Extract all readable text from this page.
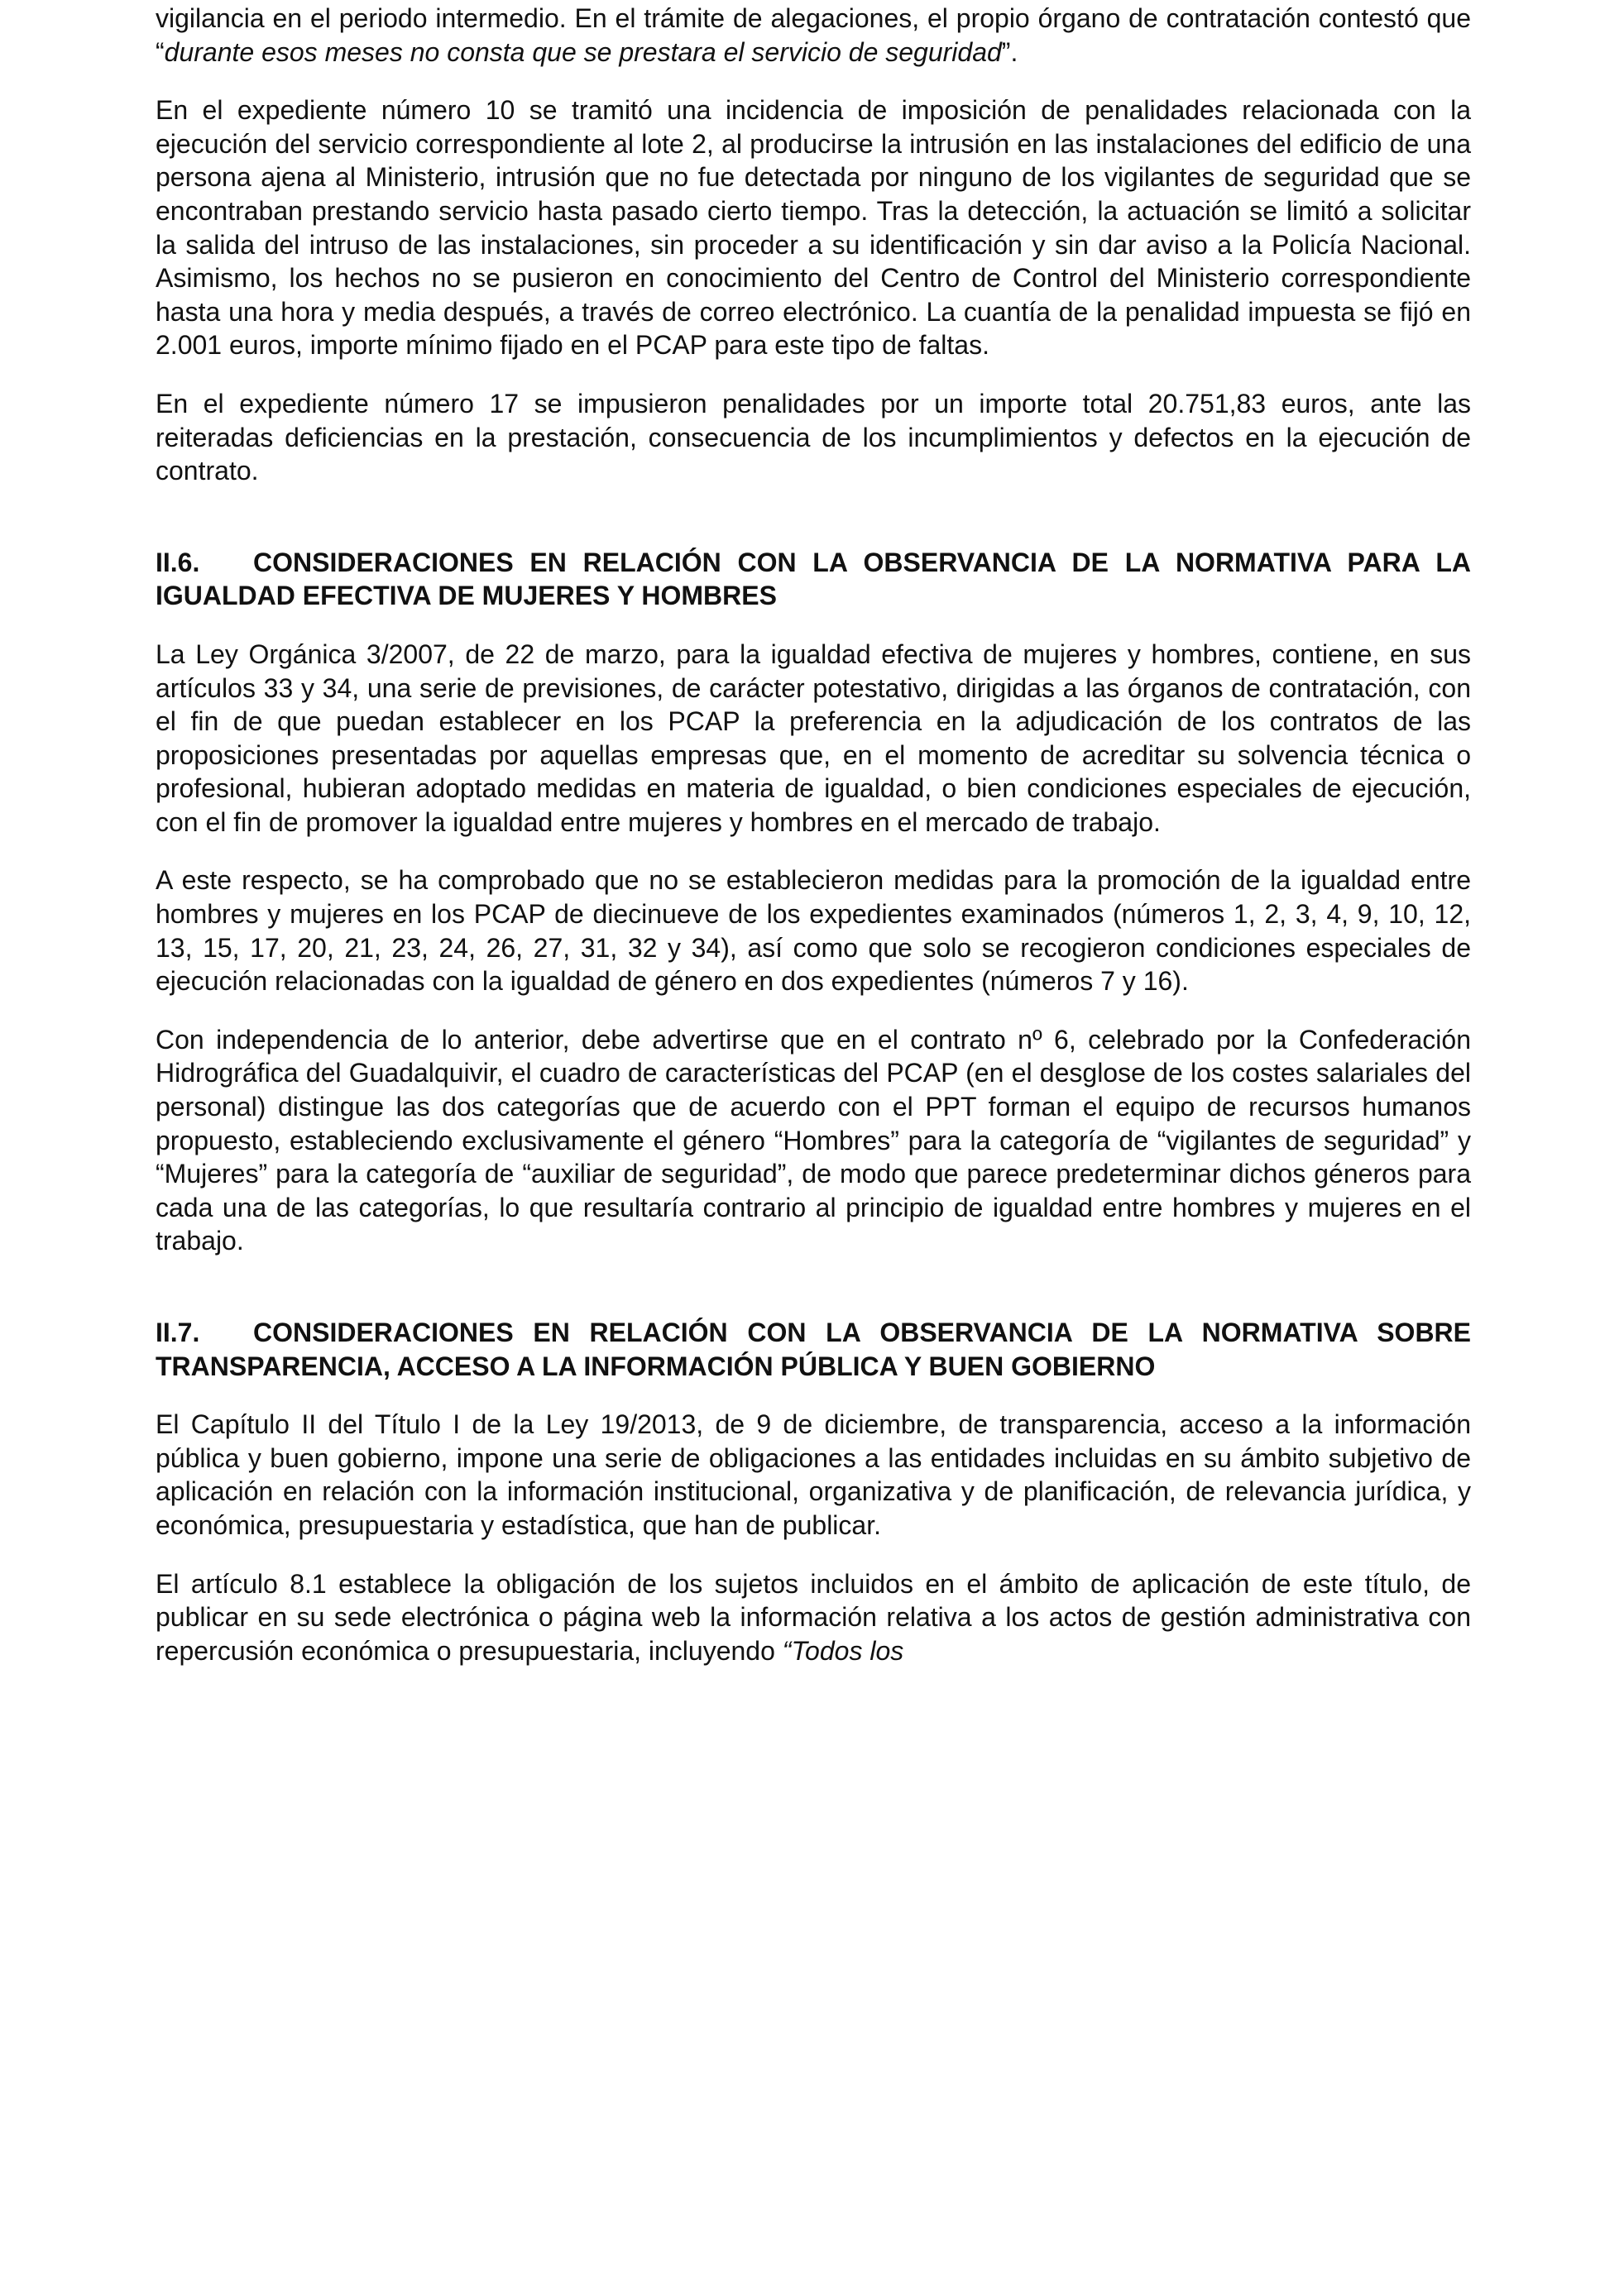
vigilancia en el periodo intermedio. En el trámite de alegaciones, el propio órgano de contratación contestó que “durante esos meses no consta que se prestara el servicio de seguridad”.

En el expediente número 10 se tramitó una incidencia de imposición de penalidades relacionada con la ejecución del servicio correspondiente al lote 2, al producirse la intrusión en las instalaciones del edificio de una persona ajena al Ministerio, intrusión que no fue detectada por ninguno de los vigilantes de seguridad que se encontraban prestando servicio hasta pasado cierto tiempo. Tras la detección, la actuación se limitó a solicitar la salida del intruso de las instalaciones, sin proceder a su identificación y sin dar aviso a la Policía Nacional. Asimismo, los hechos no se pusieron en conocimiento del Centro de Control del Ministerio correspondiente hasta una hora y media después, a través de correo electrónico. La cuantía de la penalidad impuesta se fijó en 2.001 euros, importe mínimo fijado en el PCAP para este tipo de faltas.

En el expediente número 17 se impusieron penalidades por un importe total 20.751,83 euros, ante las reiteradas deficiencias en la prestación, consecuencia de los incumplimientos y defectos en la ejecución de contrato.

II.6. CONSIDERACIONES EN RELACIÓN CON LA OBSERVANCIA DE LA NORMATIVA PARA LA IGUALDAD EFECTIVA DE MUJERES Y HOMBRES

La Ley Orgánica 3/2007, de 22 de marzo, para la igualdad efectiva de mujeres y hombres, contiene, en sus artículos 33 y 34, una serie de previsiones, de carácter potestativo, dirigidas a las órganos de contratación, con el fin de que puedan establecer en los PCAP la preferencia en la adjudicación de los contratos de las proposiciones presentadas por aquellas empresas que, en el momento de acreditar su solvencia técnica o profesional, hubieran adoptado medidas en materia de igualdad, o bien condiciones especiales de ejecución, con el fin de promover la igualdad entre mujeres y hombres en el mercado de trabajo.

A este respecto, se ha comprobado que no se establecieron medidas para la promoción de la igualdad entre hombres y mujeres en los PCAP de diecinueve de los expedientes examinados (números 1, 2, 3, 4, 9, 10, 12, 13, 15, 17, 20, 21, 23, 24, 26, 27, 31, 32 y 34), así como que solo se recogieron condiciones especiales de ejecución relacionadas con la igualdad de género en dos expedientes (números 7 y 16).

Con independencia de lo anterior, debe advertirse que en el contrato nº 6, celebrado por la Confederación Hidrográfica del Guadalquivir, el cuadro de características del PCAP (en el desglose de los costes salariales del personal) distingue las dos categorías que de acuerdo con el PPT forman el equipo de recursos humanos propuesto, estableciendo exclusivamente el género “Hombres” para la categoría de “vigilantes de seguridad” y “Mujeres” para la categoría de “auxiliar de seguridad”, de modo que parece predeterminar dichos géneros para cada una de las categorías, lo que resultaría contrario al principio de igualdad entre hombres y mujeres en el trabajo.

II.7. CONSIDERACIONES EN RELACIÓN CON LA OBSERVANCIA DE LA NORMATIVA SOBRE TRANSPARENCIA, ACCESO A LA INFORMACIÓN PÚBLICA Y BUEN GOBIERNO

El Capítulo II del Título I de la Ley 19/2013, de 9 de diciembre, de transparencia, acceso a la información pública y buen gobierno, impone una serie de obligaciones a las entidades incluidas en su ámbito subjetivo de aplicación en relación con la información institucional, organizativa y de planificación, de relevancia jurídica, y económica, presupuestaria y estadística, que han de publicar.

El artículo 8.1 establece la obligación de los sujetos incluidos en el ámbito de aplicación de este título, de publicar en su sede electrónica o página web la información relativa a los actos de gestión administrativa con repercusión económica o presupuestaria, incluyendo “Todos los
